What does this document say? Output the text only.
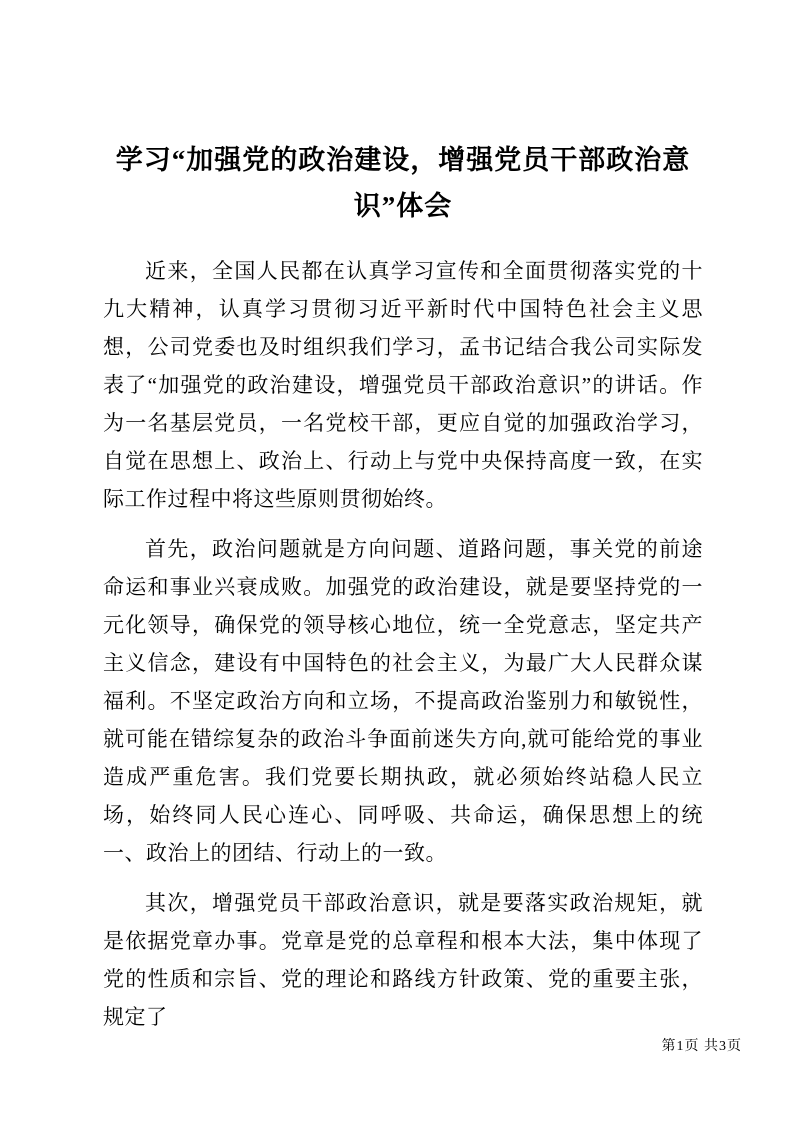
学习“加强党的政治建设，增强党员干部政治意识”体会

近来，全国人民都在认真学习宣传和全面贯彻落实党的十九大精神，认真学习贯彻习近平新时代中国特色社会主义思想，公司党委也及时组织我们学习，孟书记结合我公司实际发表了“加强党的政治建设，增强党员干部政治意识”的讲话。作为一名基层党员，一名党校干部，更应自觉的加强政治学习，自觉在思想上、政治上、行动上与党中央保持高度一致，在实际工作过程中将这些原则贯彻始终。

首先，政治问题就是方向问题、道路问题，事关党的前途命运和事业兴衰成败。加强党的政治建设，就是要坚持党的一元化领导，确保党的领导核心地位，统一全党意志，坚定共产主义信念，建设有中国特色的社会主义，为最广大人民群众谋福利。不坚定政治方向和立场，不提高政治鉴别力和敏锐性，就可能在错综复杂的政治斗争面前迷失方向,就可能给党的事业造成严重危害。我们党要长期执政，就必须始终站稳人民立场，始终同人民心连心、同呼吸、共命运，确保思想上的统一、政治上的团结、行动上的一致。

其次，增强党员干部政治意识，就是要落实政治规矩，就是依据党章办事。党章是党的总章程和根本大法，集中体现了党的性质和宗旨、党的理论和路线方针政策、党的重要主张，规定了

第1页 共3页
